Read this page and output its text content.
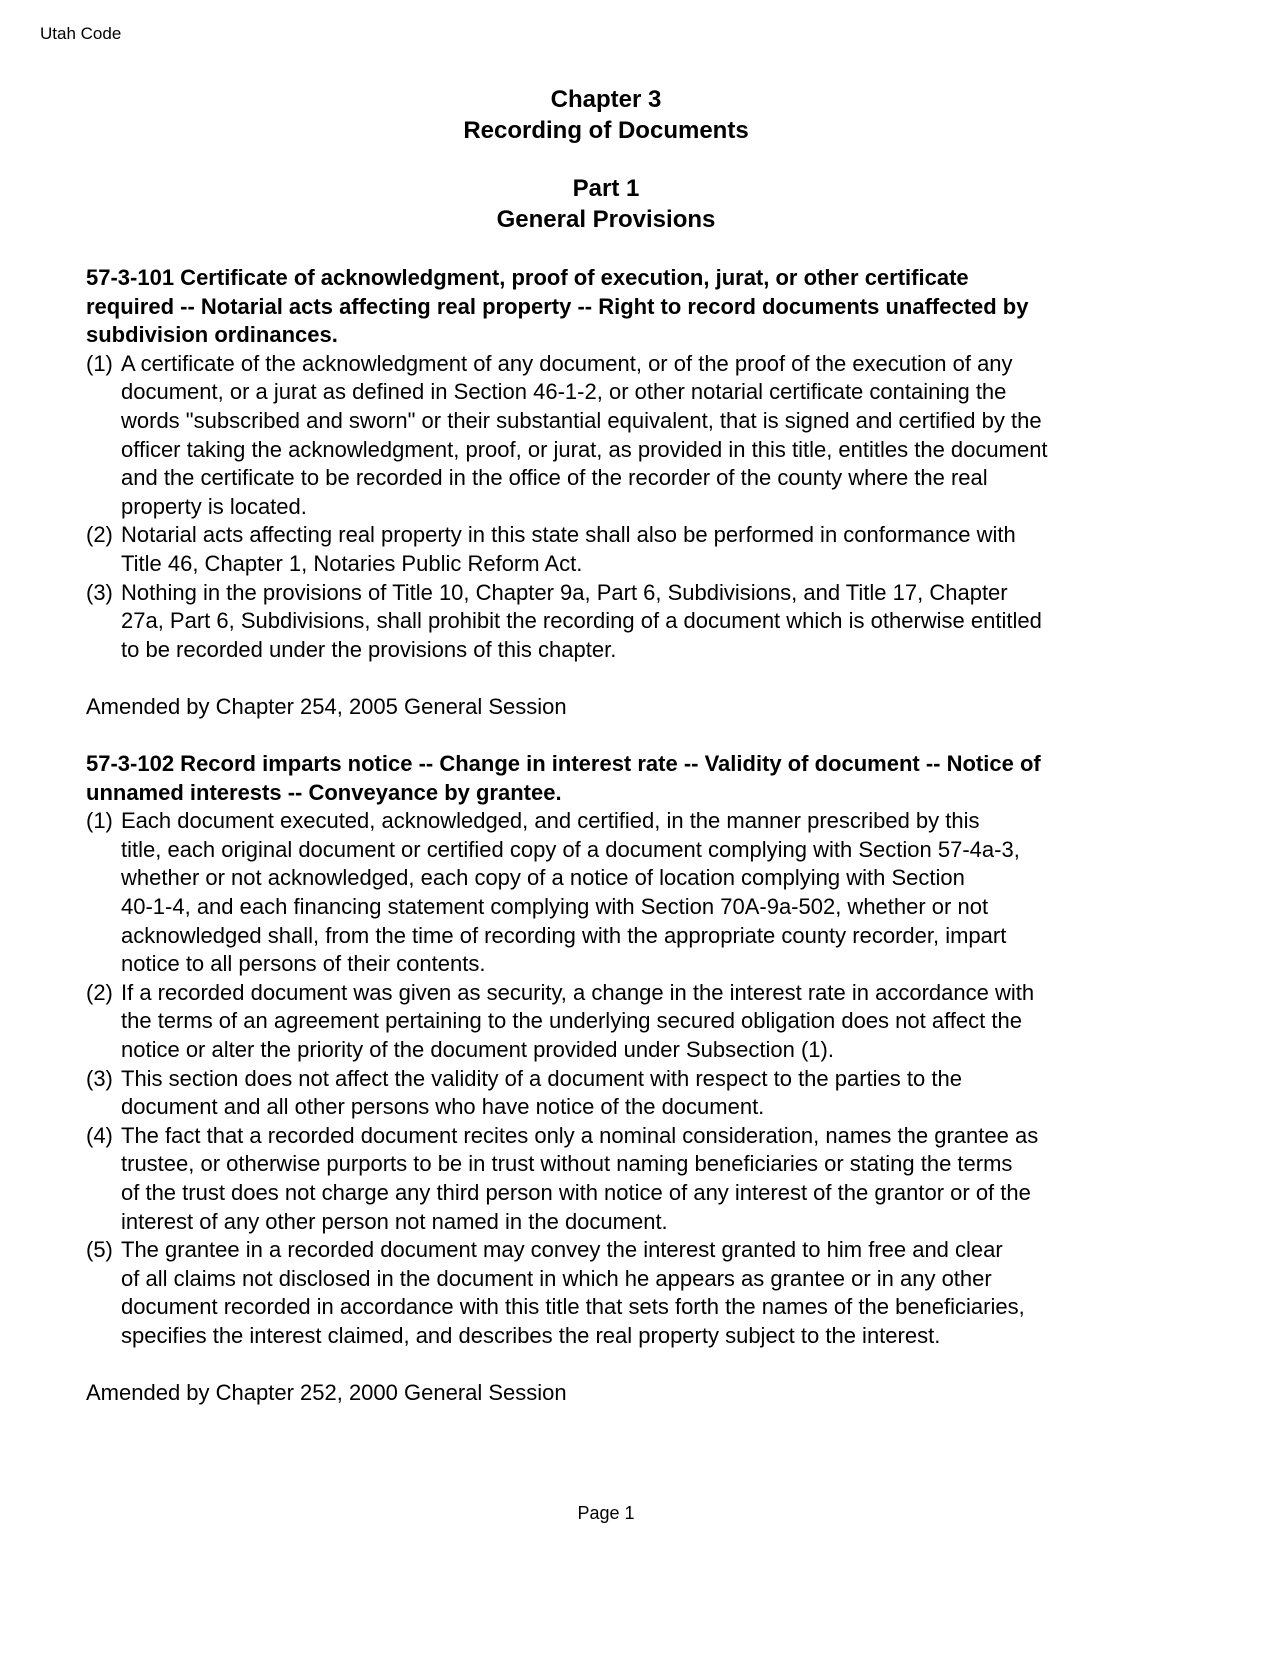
Utah Code
Chapter 3
Recording of Documents
Part 1
General Provisions
57-3-101 Certificate of acknowledgment, proof of execution, jurat, or other certificate
required -- Notarial acts affecting real property -- Right to record documents unaffected by
subdivision ordinances.
(1) A certificate of the acknowledgment of any document, or of the proof of the execution of any
document, or a jurat as defined in Section 46-1-2, or other notarial certificate containing the
words "subscribed and sworn" or their substantial equivalent, that is signed and certified by the
officer taking the acknowledgment, proof, or jurat, as provided in this title, entitles the document
and the certificate to be recorded in the office of the recorder of the county where the real
property is located.
(2) Notarial acts affecting real property in this state shall also be performed in conformance with
Title 46, Chapter 1, Notaries Public Reform Act.
(3) Nothing in the provisions of Title 10, Chapter 9a, Part 6, Subdivisions, and Title 17, Chapter
27a, Part 6, Subdivisions, shall prohibit the recording of a document which is otherwise entitled
to be recorded under the provisions of this chapter.
Amended by Chapter 254, 2005 General Session
57-3-102 Record imparts notice -- Change in interest rate -- Validity of document -- Notice of
unnamed interests -- Conveyance by grantee.
(1) Each document executed, acknowledged, and certified, in the manner prescribed by this
title, each original document or certified copy of a document complying with Section 57-4a-3,
whether or not acknowledged, each copy of a notice of location complying with Section
40-1-4, and each financing statement complying with Section 70A-9a-502, whether or not
acknowledged shall, from the time of recording with the appropriate county recorder, impart
notice to all persons of their contents.
(2) If a recorded document was given as security, a change in the interest rate in accordance with
the terms of an agreement pertaining to the underlying secured obligation does not affect the
notice or alter the priority of the document provided under Subsection (1).
(3) This section does not affect the validity of a document with respect to the parties to the
document and all other persons who have notice of the document.
(4) The fact that a recorded document recites only a nominal consideration, names the grantee as
trustee, or otherwise purports to be in trust without naming beneficiaries or stating the terms
of the trust does not charge any third person with notice of any interest of the grantor or of the
interest of any other person not named in the document.
(5) The grantee in a recorded document may convey the interest granted to him free and clear
of all claims not disclosed in the document in which he appears as grantee or in any other
document recorded in accordance with this title that sets forth the names of the beneficiaries,
specifies the interest claimed, and describes the real property subject to the interest.
Amended by Chapter 252, 2000 General Session
Page 1
